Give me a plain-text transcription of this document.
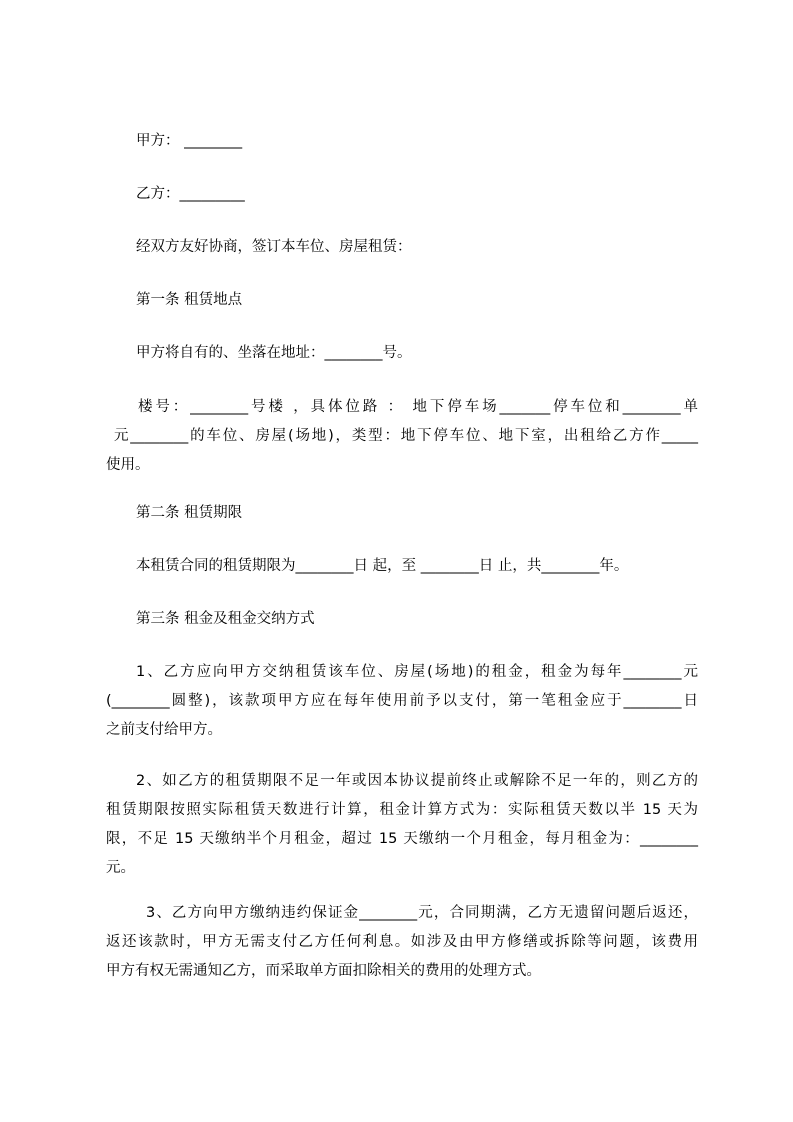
甲方： ________
乙方：_________
经双方友好协商，签订本车位、房屋租赁：
第一条 租赁地点
甲方将自有的、坐落在地址：________号。
楼号：________号楼 ，具体位路 ： 地下停车场_______停车位和________单
元________的车位、房屋(场地)，类型：地下停车位、地下室，出租给乙方作_____
使用。
第二条 租赁期限
本租赁合同的租赁期限为________日 起，至 ________日 止，共________年。
第三条 租金及租金交纳方式
1、乙方应向甲方交纳租赁该车位、房屋(场地)的租金，租金为每年________元
(________圆整)，该款项甲方应在每年使用前予以支付，第一笔租金应于________日
之前支付给甲方。
2、如乙方的租赁期限不足一年或因本协议提前终止或解除不足一年的，则乙方的
租赁期限按照实际租赁天数进行计算，租金计算方式为：实际租赁天数以半 15 天为
限，不足 15 天缴纳半个月租金，超过 15 天缴纳一个月租金，每月租金为：________
元。
3、乙方向甲方缴纳违约保证金________元，合同期满，乙方无遗留问题后返还，
返还该款时，甲方无需支付乙方任何利息。如涉及由甲方修缮或拆除等问题，该费用
甲方有权无需通知乙方，而采取单方面扣除相关的费用的处理方式。
